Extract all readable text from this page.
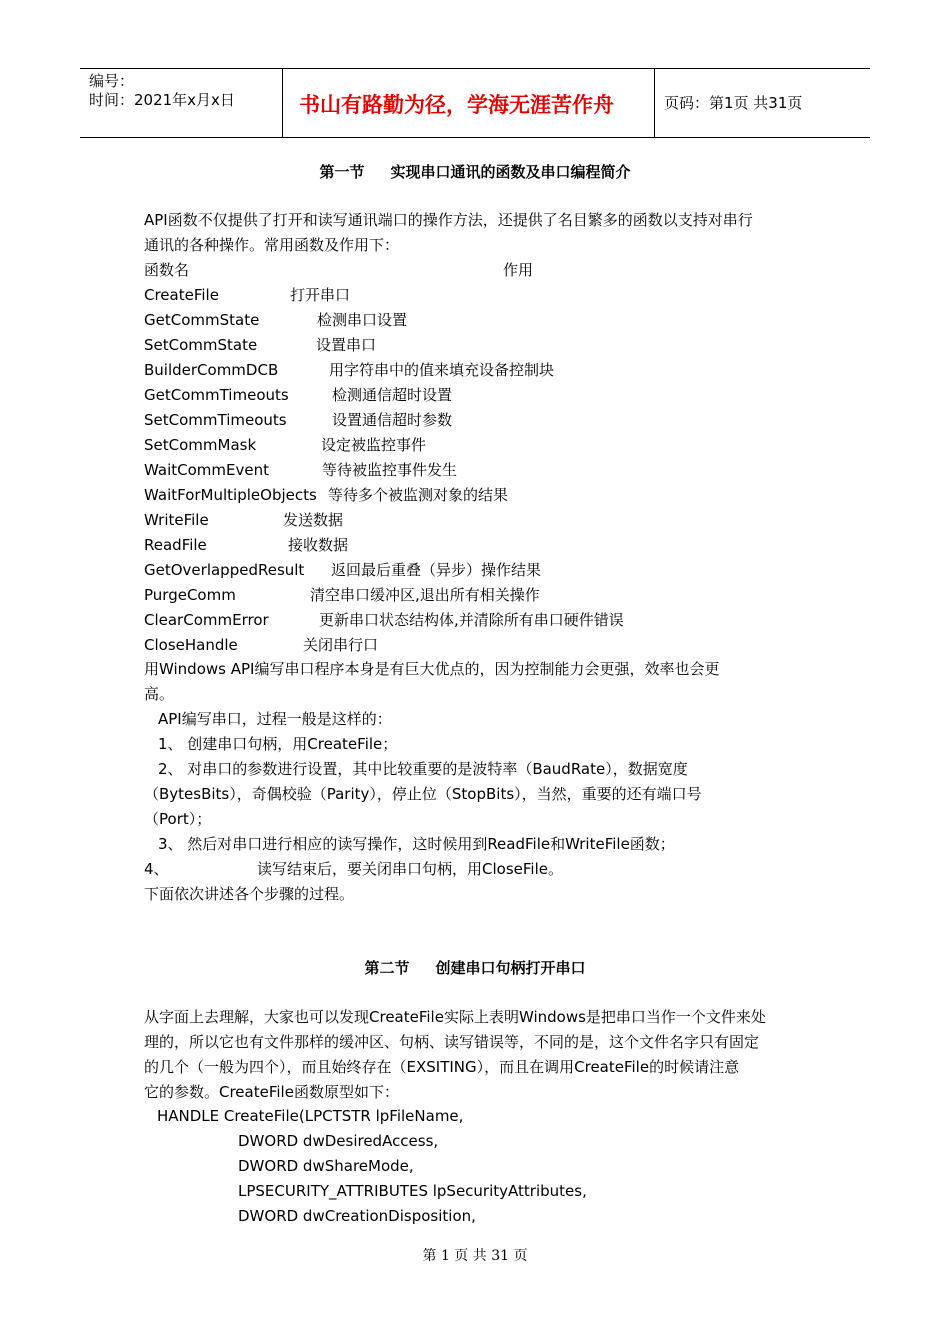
编号：
时间：2021年x月x日	书山有路勤为径，学海无涯苦作舟	页码：第1页 共31页
第一节 实现串口通讯的函数及串口编程简介
API函数不仅提供了打开和读写通讯端口的操作方法，还提供了名目繁多的函数以支持对串行
通讯的各种操作。常用函数及作用下：
函数名	作用
CreateFile	打开串口
GetCommState	检测串口设置
SetCommState	设置串口
BuilderCommDCB	用字符串中的值来填充设备控制块
GetCommTimeouts	检测通信超时设置
SetCommTimeouts	设置通信超时参数
SetCommMask	设定被监控事件
WaitCommEvent	等待被监控事件发生
WaitForMultipleObjects 等待多个被监测对象的结果
WriteFile	发送数据
ReadFile	接收数据
GetOverlappedResult 返回最后重叠（异步）操作结果
PurgeComm	清空串口缓冲区,退出所有相关操作
ClearCommError	更新串口状态结构体,并清除所有串口硬件错误
CloseHandle	关闭串行口
用Windows API编写串口程序本身是有巨大优点的，因为控制能力会更强，效率也会更
高。
API编写串口，过程一般是这样的：
1、 创建串口句柄，用CreateFile；
2、 对串口的参数进行设置，其中比较重要的是波特率（BaudRate），数据宽度
（BytesBits），奇偶校验（Parity），停止位（StopBits），当然，重要的还有端口号
（Port）；
3、 然后对串口进行相应的读写操作，这时候用到ReadFile和WriteFile函数；
4、	读写结束后，要关闭串口句柄，用CloseFile。
下面依次讲述各个步骤的过程。
第二节 创建串口句柄打开串口
从字面上去理解，大家也可以发现CreateFile实际上表明Windows是把串口当作一个文件来处
理的，所以它也有文件那样的缓冲区、句柄、读写错误等，不同的是，这个文件名字只有固定
的几个（一般为四个），而且始终存在（EXSITING），而且在调用CreateFile的时候请注意
它的参数。CreateFile函数原型如下：
HANDLE CreateFile(LPCTSTR lpFileName,
DWORD dwDesiredAccess,
DWORD dwShareMode,
LPSECURITY_ATTRIBUTES lpSecurityAttributes,
DWORD dwCreationDisposition,
第 1 页 共 31 页
